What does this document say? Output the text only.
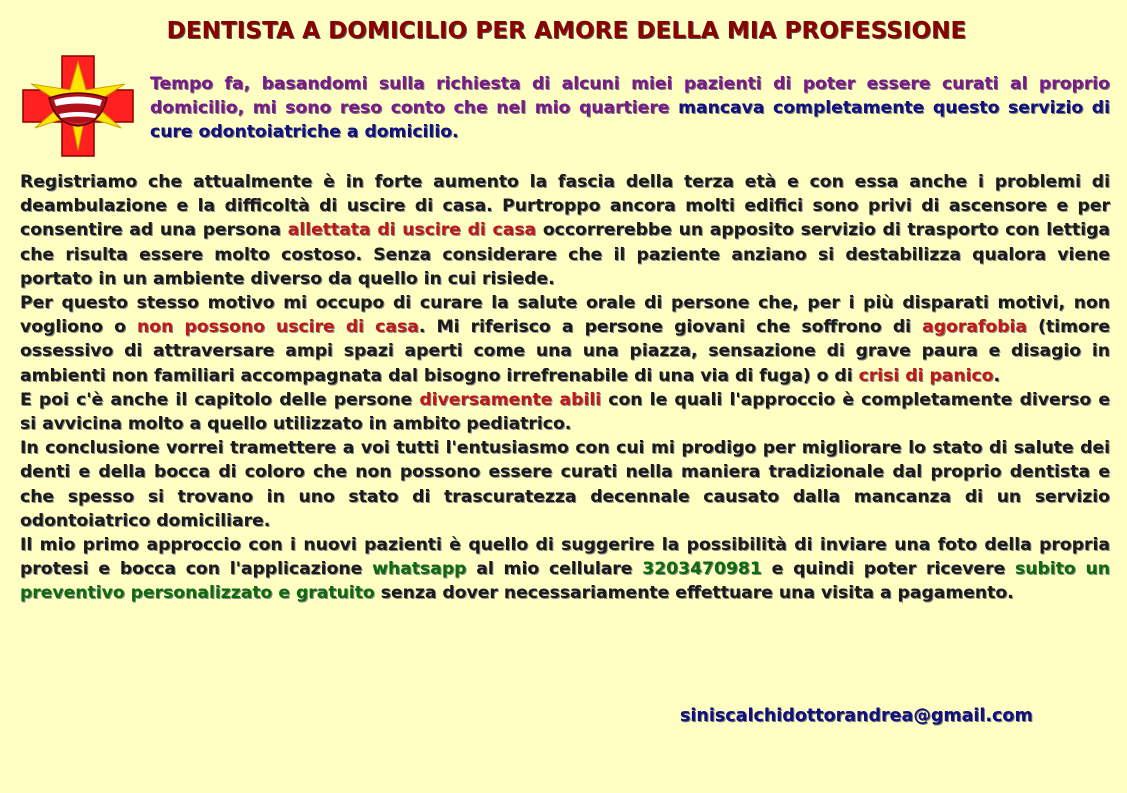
DENTISTA A DOMICILIO PER AMORE DELLA MIA PROFESSIONE
Tempo fa, basandomi sulla richiesta di alcuni miei pazienti di poter essere curati al proprio domicilio, mi sono reso conto che nel mio quartiere mancava completamente questo servizio di cure odontoiatriche a domicilio.

Registriamo che attualmente è in forte aumento la fascia della terza età e con essa anche i problemi di deambulazione e la difficoltà di uscire di casa. Purtroppo ancora molti edifici sono privi di ascensore e per consentire ad una persona allettata di uscire di casa occorrerebbe un apposito servizio di trasporto con lettiga che risulta essere molto costoso. Senza considerare che il paziente anziano si destabilizza qualora viene portato in un ambiente diverso da quello in cui risiede.

Per questo stesso motivo mi occupo di curare la salute orale di persone che, per i più disparati motivi, non vogliono o non possono uscire di casa. Mi riferisco a persone giovani che soffrono di agorafobia (timore ossessivo di attraversare ampi spazi aperti come una una piazza, sensazione di grave paura e disagio in ambienti non familiari accompagnata dal bisogno irrefrenabile di una via di fuga) o di crisi di panico.

E poi c'è anche il capitolo delle persone diversamente abili con le quali l'approccio è completamente diverso e si avvicina molto a quello utilizzato in ambito pediatrico.

In conclusione vorrei tramettere a voi tutti l'entusiasmo con cui mi prodigo per migliorare lo stato di salute dei denti e della bocca di coloro che non possono essere curati nella maniera tradizionale dal proprio dentista e che spesso si trovano in uno stato di trascuratezza decennale causato dalla mancanza di un servizio odontoiatrico domiciliare.

Il mio primo approccio con i nuovi pazienti è quello di suggerire la possibilità di inviare una foto della propria protesi e bocca con l'applicazione whatsapp al mio cellulare 3203470981 e quindi poter ricevere subito un preventivo personalizzato e gratuito senza dover necessariamente effettuare una visita a pagamento.

siniscalchidottorandrea@gmail.com
